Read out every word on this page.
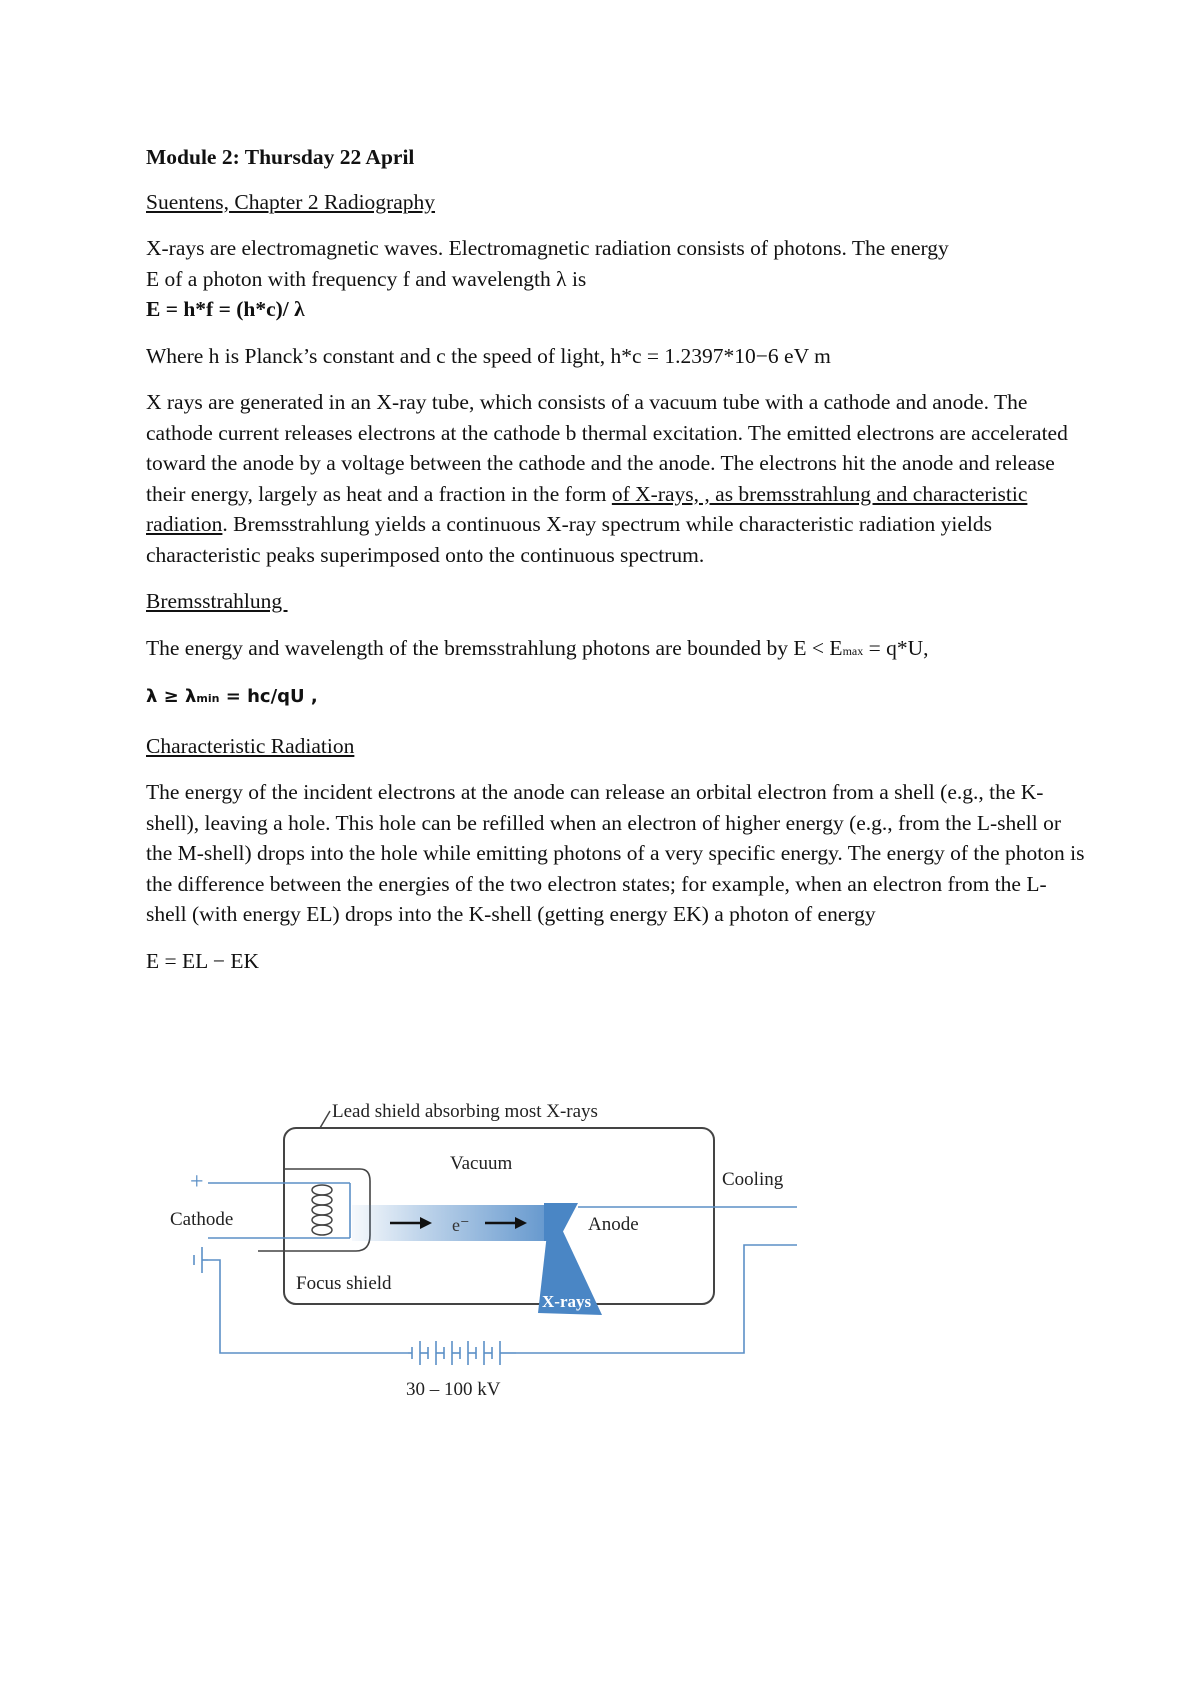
Module 2: Thursday 22 April

Suentens, Chapter 2 Radiography

X-rays are electromagnetic waves. Electromagnetic radiation consists of photons. The energy
E of a photon with frequency f and wavelength λ is
E = h*f = (h*c)/ λ

Where h is Planck’s constant and c the speed of light, h*c = 1.2397*10−6 eV m

X rays are generated in an X-ray tube, which consists of a vacuum tube with a cathode and anode. The cathode current releases electrons at the cathode b thermal excitation. The emitted electrons are accelerated toward the anode by a voltage between the cathode and the anode. The electrons hit the anode and release their energy, largely as heat and a fraction in the form of X-rays, , as bremsstrahlung and characteristic radiation. Bremsstrahlung yields a continuous X-ray spectrum while characteristic radiation yields characteristic peaks superimposed onto the continuous spectrum.

Bremsstrahlung

The energy and wavelength of the bremsstrahlung photons are bounded by E < Emax = q*U,

λ ≥ λmin = hc/qU ,

Characteristic Radiation

The energy of the incident electrons at the anode can release an orbital electron from a shell (e.g., the K-shell), leaving a hole. This hole can be refilled when an electron of higher energy (e.g., from the L-shell or the M-shell) drops into the hole while emitting photons of a very specific energy. The energy of the photon is the difference between the energies of the two electron states; for example, when an electron from the L-shell (with energy EL) drops into the K-shell (getting energy EK) a photon of energy

E = EL − EK

Lead shield absorbing most X-rays
Focus shield
+
Cathode	e⁻	Anode
X-rays
Vacuum
Cooling
30 – 100 kV
